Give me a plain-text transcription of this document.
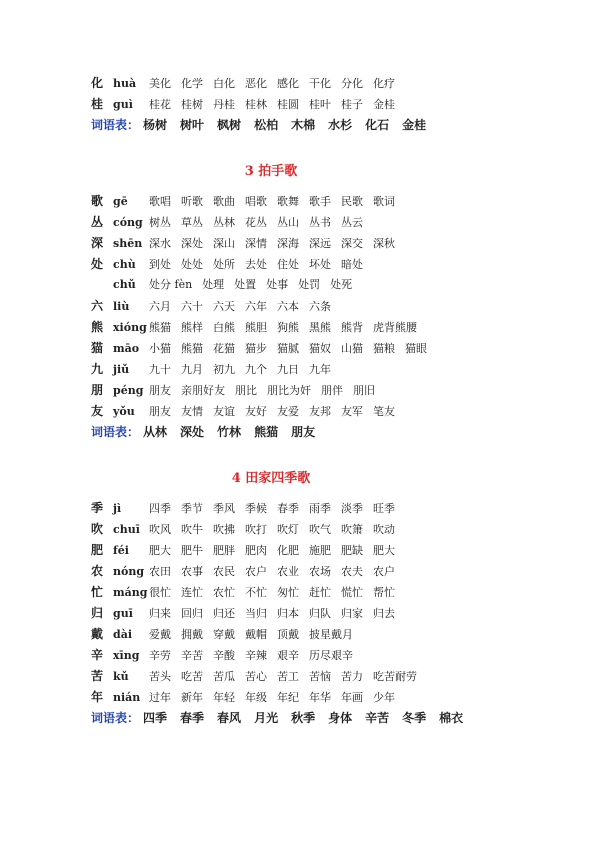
化 huà	美化 化学 白化 恶化 感化 干化 分化 化疗
桂 guì	桂花 桂树 丹桂 桂林 桂圆 桂叶 桂子 金桂
词语表： 杨树 树叶 枫树 松柏 木棉 水杉 化石 金桂
3 拍手歌
歌 gē	歌唱 听歌 歌曲 唱歌 歌舞 歌手 民歌 歌词
丛 cóng 树丛 草丛 丛林 花丛 丛山 丛书 丛云
深 shēn 深水 深处 深山 深情 深海 深远 深交 深秋
处 chù	到处 处处 处所 去处 住处 坏处 暗处
chǔ	处分 fèn 处理 处置 处事 处罚 处死
六 liù	六月 六十 六天 六年 六本 六条
熊 xióng 熊猫 熊样 白熊 熊胆 狗熊 黑熊 熊背 虎背熊腰
猫 māo 小猫 熊猫 花猫 猫步 猫腻 猫奴 山猫 猫粮 猫眼
九 jiǔ	九十 九月 初九 九个 九日 九年
朋 péng 朋友 亲朋好友 朋比 朋比为奸 朋伴 朋旧
友 yǒu	朋友 友情 友谊 友好 友爱 友邦 友军 笔友
词语表： 从林 深处 竹林 熊猫 朋友
4 田家四季歌
季 jì	四季 季节 季风 季候 春季 雨季 淡季 旺季
吹 chuī 吹风 吹牛 吹拂 吹打 吹灯 吹气 吹箫 吹动
肥 féi	肥大 肥牛 肥胖 肥肉 化肥 施肥 肥缺 肥大
农 nóng 农田 农事 农民 农户 农业 农场 农夫 农户
忙 máng 很忙 连忙 农忙 不忙 匆忙 赶忙 慌忙 帮忙
归 guī	归来 回归 归还 当归 归本 归队 归家 归去
戴 dài	爱戴 拥戴 穿戴 戴帽 顶戴 披星戴月
辛 xīng 辛劳 辛苦 辛酸 辛辣 艰辛 历尽艰辛
苦 kǔ	苦头 吃苦 苦瓜 苦心 苦工 苦恼 苦力 吃苦耐劳
年 nián 过年 新年 年轻 年级 年纪 年华 年画 少年
词语表： 四季 春季 春风 月光 秋季 身体 辛苦 冬季 棉衣
